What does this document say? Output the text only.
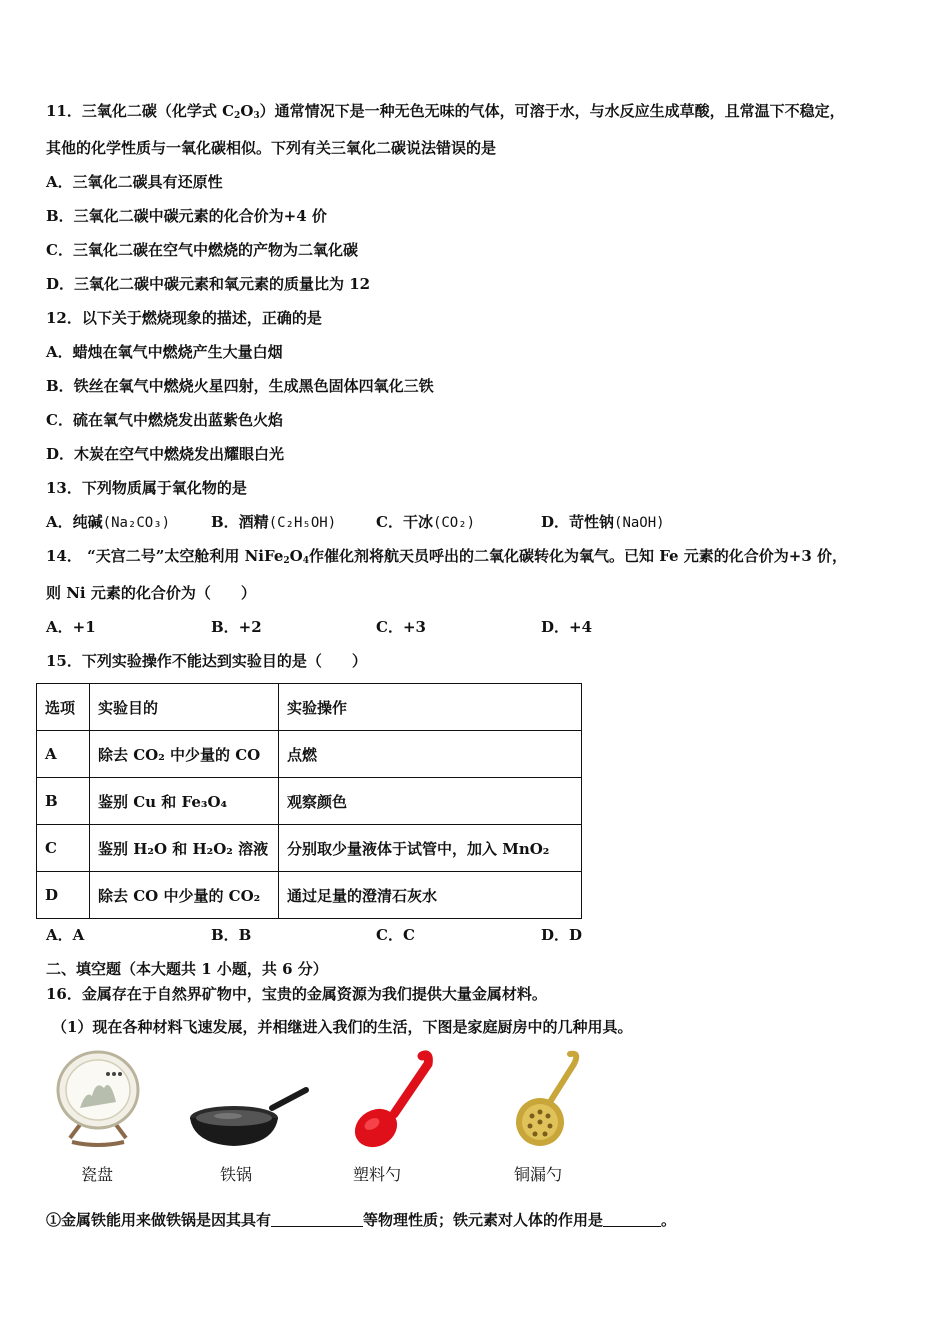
11．三氧化二碳（化学式 $C_2O_3$）通常情况下是一种无色无味的气体，可溶于水，与水反应生成草酸，且常温下不稳定，
其他的化学性质与一氧化碳相似。下列有关三氧化二碳说法错误的是
A．三氧化二碳具有还原性
B．三氧化二碳中碳元素的化合价为+4 价
C．三氧化二碳在空气中燃烧的产物为二氧化碳
D．三氧化二碳中碳元素和氧元素的质量比为 12
12．以下关于燃烧现象的描述，正确的是
A．蜡烛在氧气中燃烧产生大量白烟
B．铁丝在氧气中燃烧火星四射，生成黑色固体四氧化三铁
C．硫在氧气中燃烧发出蓝紫色火焰
D．木炭在空气中燃烧发出耀眼白光
13．下列物质属于氧化物的是
A．纯碱(Na₂CO₃)	B．酒精(C₂H₅OH)	C．干冰(CO₂)	D．苛性钠(NaOH)
14． “天宫二号”太空舱利用 $NiFe_2O_4$作催化剂将航天员呼出的二氧化碳转化为氧气。已知 Fe 元素的化合价为+3 价，
则 Ni 元素的化合价为（　　）
A．+1	B．+2	C．+3	D．+4
15．下列实验操作不能达到实验目的是（　　）
选项	实验目的	实验操作
A	除去 CO₂ 中少量的 CO	点燃
B	鉴别 Cu 和 Fe₃O₄	观察颜色
C	鉴别 H₂O 和 H₂O₂ 溶液	分别取少量液体于试管中，加入 MnO₂
D	除去 CO 中少量的 CO₂	通过足量的澄清石灰水
A．A	B．B	C．C	D．D
二、填空题（本大题共 1 小题，共 6 分）
16．金属存在于自然界矿物中，宝贵的金属资源为我们提供大量金属材料。
（1）现在各种材料飞速发展，并相继进入我们的生活，下图是家庭厨房中的几种用具。
瓷盘	铁锅	塑料勺	铜漏勺
①金属铁能用来做铁锅是因其具有	等物理性质；铁元素对人体的作用是	。
